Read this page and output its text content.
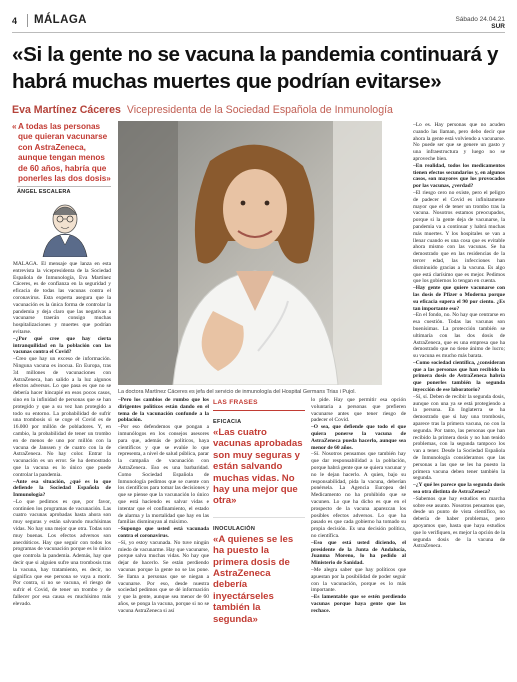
4 MÁLAGA	Sábado 24.04.21
SUR
«Si la gente no se vacuna la pandemia continuará y habrá muchas muertes que podrían evitarse»
Eva Martínez Cáceres Vicepresidenta de la Sociedad Española de Inmunología
« A todas las personas que quieran vacunarse con AstraZeneca, aunque tengan menos de 60 años, habría que ponerles las dos dosis»
ÁNGEL ESCALERA
MÁLAGA. El mensaje que lanza en esta entrevista la vicepresidenta de la Sociedad Española de Inmunología, Eva Martínez Cáceres, es de confianza en la seguridad y eficacia de todas las vacunas contra el coronavirus. Esta experta asegura que la vacunación es la única forma de controlar la pandemia y deja claro que las negativas a vacunarse traerán consigo muchas hospitalizaciones y muertes que podrían evitarse.
–¿Por qué cree que hay cierta intranquilidad en la población con las vacunas contra el Covid?
–Creo que hay un exceso de información. Ninguna vacuna es inocua. En Europa, tras 34 millones de vacunaciones con AstraZeneca, han salido a la luz algunos efectos adversos. Lo que pasa es que no se debería hacer hincapié en esos pocos casos, sino en la infinidad de personas que se han protegido y que a su vez han protegido a todo su entorno. La probabilidad de sufrir una trombosis si se coge el Covid es de 16.000 por millón de pobladores. Y, en cambio, la probabilidad de tener un trombo en de menos de uno por millón con la vacuna de Janssen y de cuatro con la de AstraZeneca. No hay color. Entrar la vacunación es un error. Se ha demostrado que la vacuna es lo único que puede controlar la pandemia.
–Ante esa situación, ¿qué es lo que defiende la Sociedad Española de Inmunología?
–Lo que pedimos es que, por favor, continúen los programas de vacunación. Las cuatro vacunas aprobadas hasta ahora son muy seguras y están salvando muchísimas vidas. No hay una mejor que otra. Todas son muy buenas. Los efectos adversos son anecdóticos. Hay que seguir con todos los programas de vacunación porque es lo único que controla la pandemia. Además, hay que decir que si alguien sufre una trombosis tras la vacuna, hay tratamiento, es decir, no significa que ese persona se vaya a morir. Por contra, si no se vacuna, el riesgo de sufrir el Covid, de tener un trombo y de fallecer por esa causa es muchísimo más elevado.
La doctora Martínez Cáceres es jefa del servicio de inmunología del Hospital Germans Trias i Pujol.
–Pero los cambios de rumbo que los dirigentes políticos están dando en el tema de la vacunación confunde a la población.
–Por eso defendemos que pongan a inmunólogos en los consejos asesores para que, además de políticos, haya científicos y que se evalúe lo que representa, a nivel de salud pública, parar la campaña de vacunación con AstraZeneca. Eso es una barbaridad. Como Sociedad Española de Inmunología pedimos que se cuente con los científicos para tomar las decisiones y que se piense que la vacunación lo único que está haciendo es salvar vidas e intentar que el confinamiento, el estado de alarma y la mortalidad que hay en las familias disminuyan al máximo.
–Supongo que usted está vacunada contra el coronavirus.
–Sí, yo estoy vacunada. No tuve ningún miedo de vacunarme. Hay que vacunarse, porque salva muchas vidas. No hay que dejar de hacerlo. Se están perdiendo vacunas porque la gente no se las pone. Se llama a personas que se niegan a vacunarse. Por eso, desde nuestra sociedad pedimos que se dé información y que la gente, aunque sea menor de 60 años, se ponga la vacuna, porque si no se vacuna AstraZeneca si así
LAS FRASES
EFICACIA
«Las cuatro vacunas aprobadas son muy seguras y están salvando muchas vidas. No hay una mejor que otra»
INOCULACIÓN
«A quienes se les ha puesto la primera dosis de AstraZeneca debería inyectárseles también la segunda»
lo pide. Hay que permitir esa opción voluntaria a personas que prefieren vacunarse antes que tener riesgo de padecer el Covid.
–O sea, que defiende que todo el que quiera ponerse la vacuna de AstraZeneca pueda hacerlo, aunque sea menor de 60 años.
–Sí. Nosotros pensamos que también hay que dar responsabilidad a la población, porque habrá gente que se quiera vacunar y no le dejan hacerlo. A quien, bajo su responsabilidad, pida la vacuna, deberían ponérsela. La Agencia Europea del Medicamento no ha prohibido que se vacunen. Lo que ha dicho es que en el prospecto de la vacuna aparezcan los posibles efectos adversos. Lo que ha pasado es que cada gobierno ha tomado su propia decisión. Es una decisión política, no científica.
–Eso que está usted diciendo, el presidente de la Junta de Andalucía, Juanma Moreno, lo ha pedido al Ministerio de Sanidad.
–Me alegra saber que hay políticos que apuestan por la posibilidad de poder seguir con la vacunación, porque es lo más importante.
–Es lamentable que se estén perdiendo vacunas porque haya gente que las rechace.
–Lo es. Hay personas que no acuden cuando las llaman, pero debo decir que ahora la gente está volviendo a vacunarse. No puede ser que se genere un gasto y una infraestructura y luego no se aproveche bien.
–En realidad, todos los medicamentos tienen efectos secundarios y, en algunos casos, son mayores que los provocados por las vacunas, ¿verdad?
–El riesgo cero no existe, pero el peligro de padecer el Covid es infinitamente mayor que el de tener un trombo tras la vacuna. Nosotros estamos preocupados, porque si la gente deja de vacunarse, la pandemia va a continuar y habrá muchas más muertes. Y los hospitales se van a llenar cuando es una cosa que es evitable ahora mismo con las vacunas. Se ha demostrado que en las residencias de la tercer edad, las infecciones han disminuido gracias a la vacuna. Es algo que está clarísimo que es mejor. Pedimos que los gobiernos lo tengan en cuenta.
–Hay gente que quiere vacunarse con las dosis de Pfizer o Moderna porque su eficacia supera el 90 por ciento. ¿Es tan importante eso?
–En el fondo, no. No hay que centrarse en esa cuestión. Todas las vacunas son buenísimas. La protección también se ultimaría con las dos dosis de AstraZeneca, que es una empresa que ha demostrado que no tiene ánimo de lucro; su vacuna es mucho más barata.
–Como sociedad científica, ¿consideran que a las personas que han recibido la primera dosis de AstraZeneca habría que ponerles también la segunda inyección de ese laboratorio?
–Sí, sí. Deben de recibir la segunda dosis, aunque con una ya se está protegiendo a la persona. En Inglaterra se ha demostrado que si hay una trombosis, aparece tras la primera vacuna, no con la segunda. Por tanto, las personas que han recibido la primera dosis y no han tenido problemas, con la segunda tampoco los van a tener. Desde la Sociedad Española de Inmunología consideramos que las personas a las que se les ha puesto la primera vacuna deben tener también la segunda.
–¿Y qué les parece que la segunda dosis sea otra distinta de AstraZeneca?
–Sabemos que hay estudios en marcha sobre ese asunto. Nosotros pensamos que, desde un punto de vista científico, no debería de haber problemas, pero apoyamos que, hasta que haya estudios que lo verifiquen, es mejor la opción de la segunda dosis de la vacuna de AstraZeneca.
